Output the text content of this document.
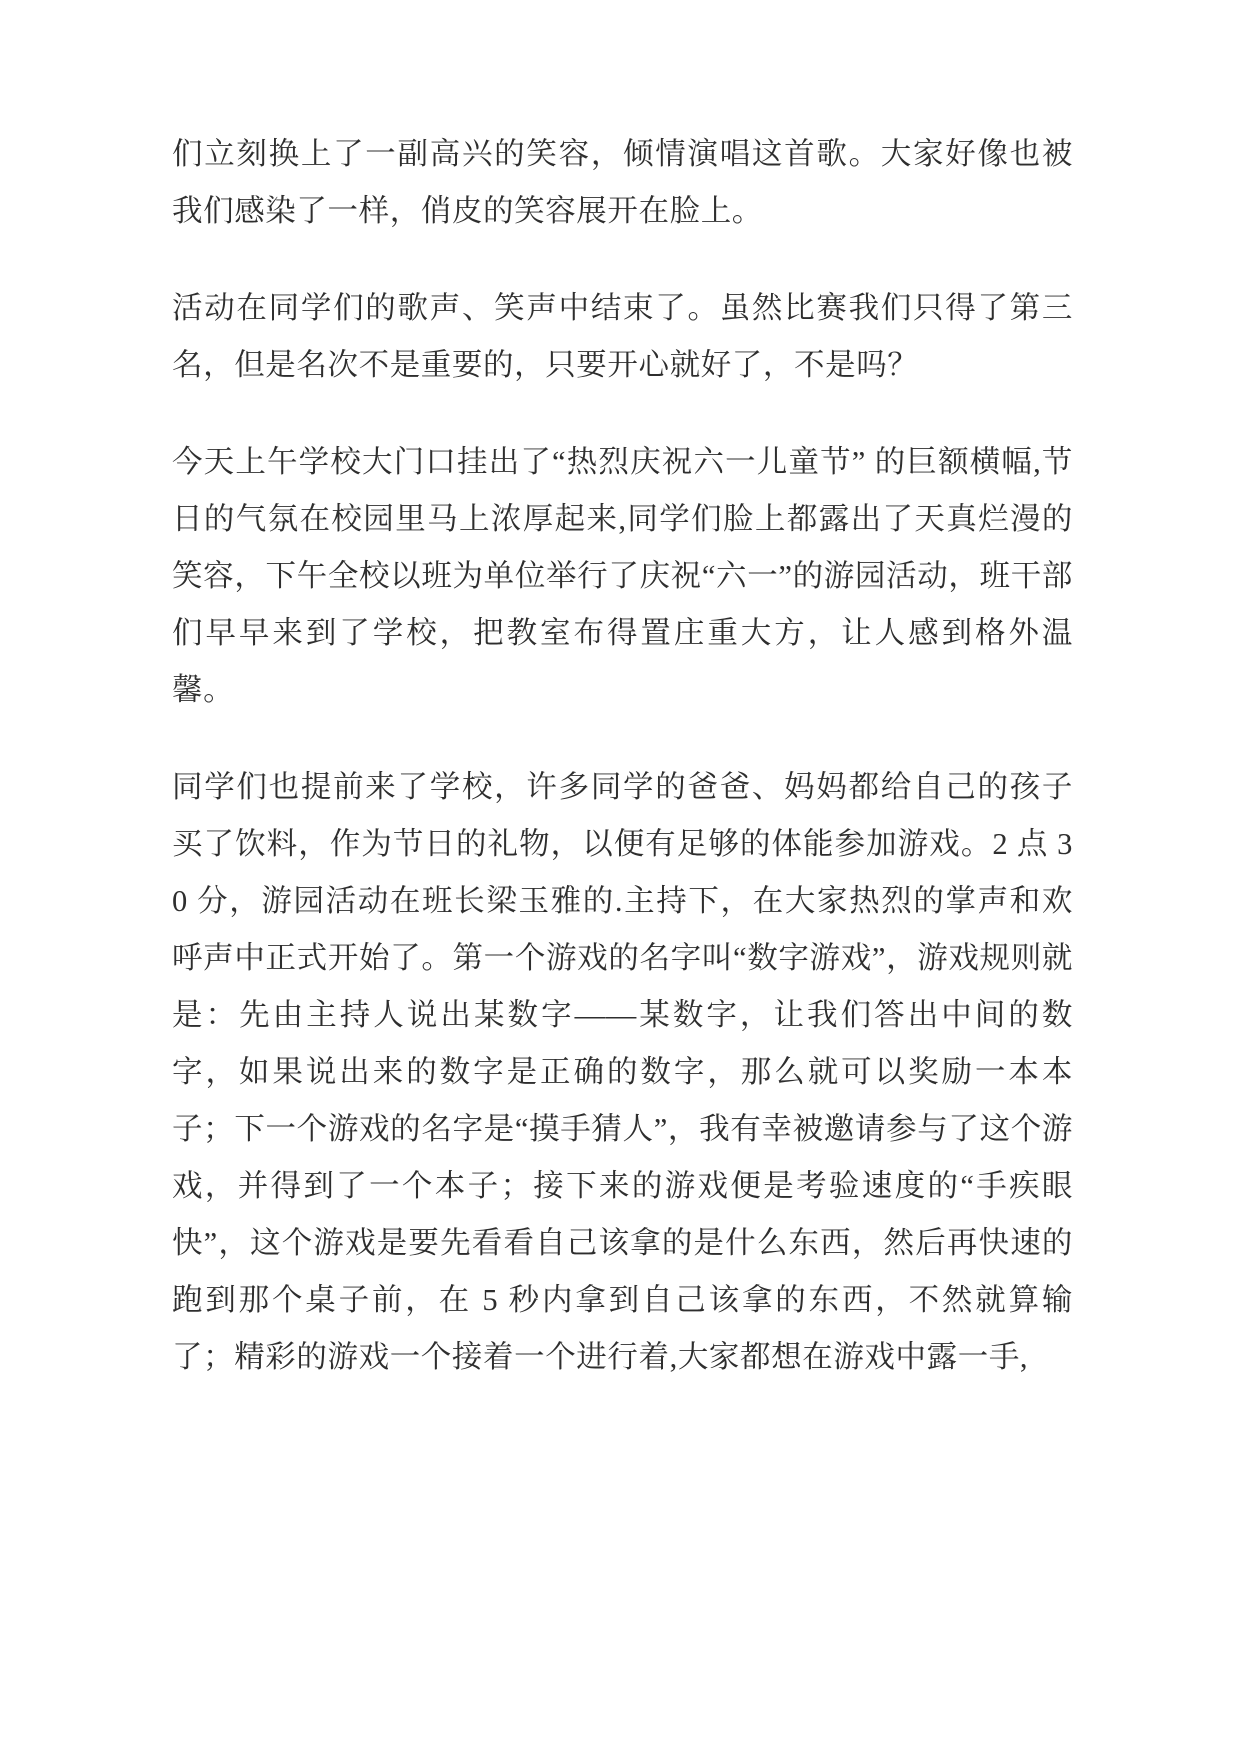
们立刻换上了一副高兴的笑容，倾情演唱这首歌。大家好像也被我们感染了一样，俏皮的笑容展开在脸上。

活动在同学们的歌声、笑声中结束了。虽然比赛我们只得了第三名，但是名次不是重要的，只要开心就好了，不是吗？

今天上午学校大门口挂出了“热烈庆祝六一儿童节” 的巨额横幅,节日的气氛在校园里马上浓厚起来,同学们脸上都露出了天真烂漫的笑容，下午全校以班为单位举行了庆祝“六一”的游园活动，班干部们早早来到了学校，把教室布得置庄重大方，让人感到格外温馨。

同学们也提前来了学校，许多同学的爸爸、妈妈都给自己的孩子买了饮料，作为节日的礼物，以便有足够的体能参加游戏。2 点 30 分，游园活动在班长梁玉雅的.主持下，在大家热烈的掌声和欢呼声中正式开始了。第一个游戏的名字叫“数字游戏”，游戏规则就是：先由主持人说出某数字——某数字，让我们答出中间的数字，如果说出来的数字是正确的数字，那么就可以奖励一本本子；下一个游戏的名字是“摸手猜人”，我有幸被邀请参与了这个游戏，并得到了一个本子；接下来的游戏便是考验速度的“手疾眼快”，这个游戏是要先看看自己该拿的是什么东西，然后再快速的跑到那个桌子前，在 5 秒内拿到自己该拿的东西，不然就算输了；精彩的游戏一个接着一个进行着,大家都想在游戏中露一手,
